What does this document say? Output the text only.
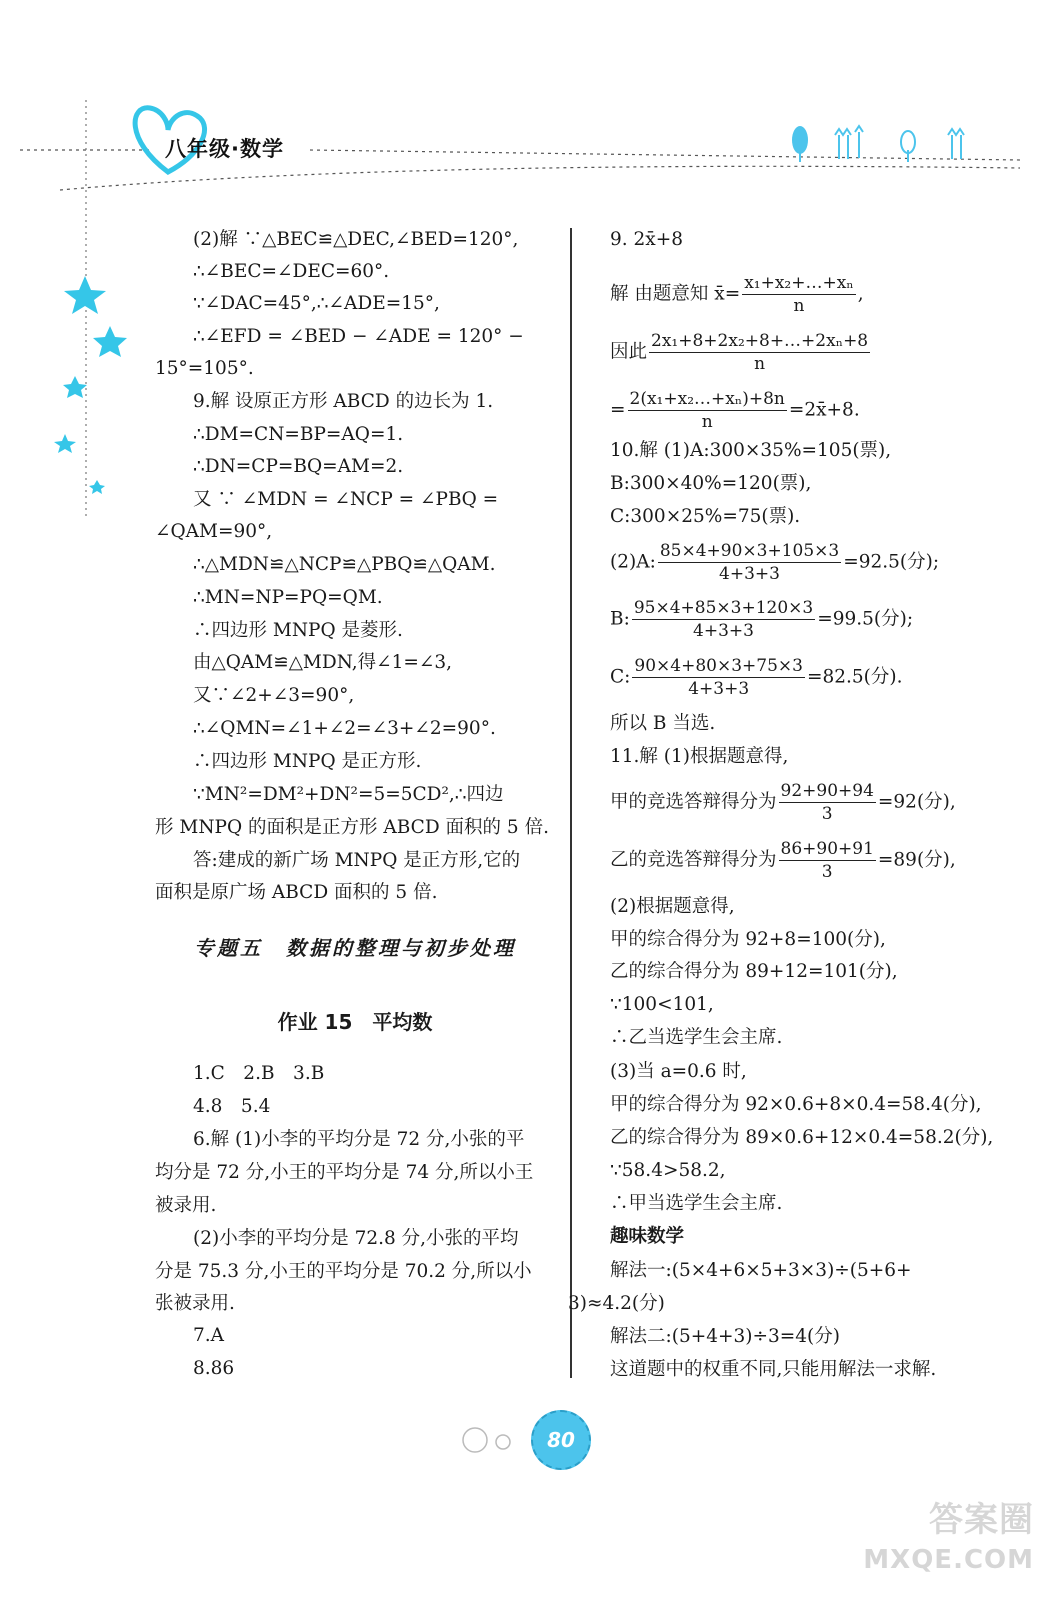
八年级·数学
(2)解 ∵△BEC≌△DEC,∠BED=120°,
∴∠BEC=∠DEC=60°.
∵∠DAC=45°,∴∠ADE=15°,
∴∠EFD = ∠BED − ∠ADE = 120° −
15°=105°.
9.解 设原正方形 ABCD 的边长为 1.
∴DM=CN=BP=AQ=1.
∴DN=CP=BQ=AM=2.
又 ∵ ∠MDN = ∠NCP = ∠PBQ =
∠QAM=90°,
∴△MDN≌△NCP≌△PBQ≌△QAM.
∴MN=NP=PQ=QM.
∴四边形 MNPQ 是菱形.
由△QAM≌△MDN,得∠1=∠3,
又∵∠2+∠3=90°,
∴∠QMN=∠1+∠2=∠3+∠2=90°.
∴四边形 MNPQ 是正方形.
∵MN²=DM²+DN²=5=5CD²,∴四边
形 MNPQ 的面积是正方形 ABCD 面积的 5 倍.
答:建成的新广场 MNPQ 是正方形,它的
面积是原广场 ABCD 面积的 5 倍.
专题五　数据的整理与初步处理
作业 15　平均数
1.C　2.B　3.B
4.8　5.4
6.解 (1)小李的平均分是 72 分,小张的平
均分是 72 分,小王的平均分是 74 分,所以小王
被录用.
(2)小李的平均分是 72.8 分,小张的平均
分是 75.3 分,小王的平均分是 70.2 分,所以小
张被录用.
7.A
8.86
9. 2x̄+8
解 由题意知 x̄= $\frac{\text{x₁+x₂+…+xₙ}}{n}$ ,
因此 $\frac{\text{2x₁+8+2x₂+8+…+2xₙ+8}}{n}$
= $\frac{\text{2(x₁+x₂…+xₙ)+8n}}{n}$ =2x̄+8.
10.解 (1)A:300×35%=105(票),
B:300×40%=120(票),
C:300×25%=75(票).
(2)A: $\frac{85\times 4+90\times 3+105\times 3}{4+3+3} =92.5$(分);
B: $\frac{95\times 4+85\times 3+120\times 3}{4+3+3} =99.5$(分);
C: $\frac{90\times 4+80\times 3+75\times 3}{4+3+3} =82.5$(分).
所以 B 当选.
11.解 (1)根据题意得,
甲的竞选答辩得分为 $\frac{92+90+94}{3} =92$(分),
乙的竞选答辩得分为 $\frac{86+90+91}{3} =89$(分),
(2)根据题意得,
甲的综合得分为 92+8=100(分),
乙的综合得分为 89+12=101(分),
∵100<101,
∴乙当选学生会主席.
(3)当 a=0.6 时,
甲的综合得分为 92×0.6+8×0.4=58.4(分),
乙的综合得分为 89×0.6+12×0.4=58.2(分),
∵58.4>58.2,
∴甲当选学生会主席.
趣味数学
解法一:(5×4+6×5+3×3)÷(5+6+
3)≈4.2(分)
解法二:(5+4+3)÷3=4(分)
这道题中的权重不同,只能用解法一求解.
80
答案圈
MXQE.COM
